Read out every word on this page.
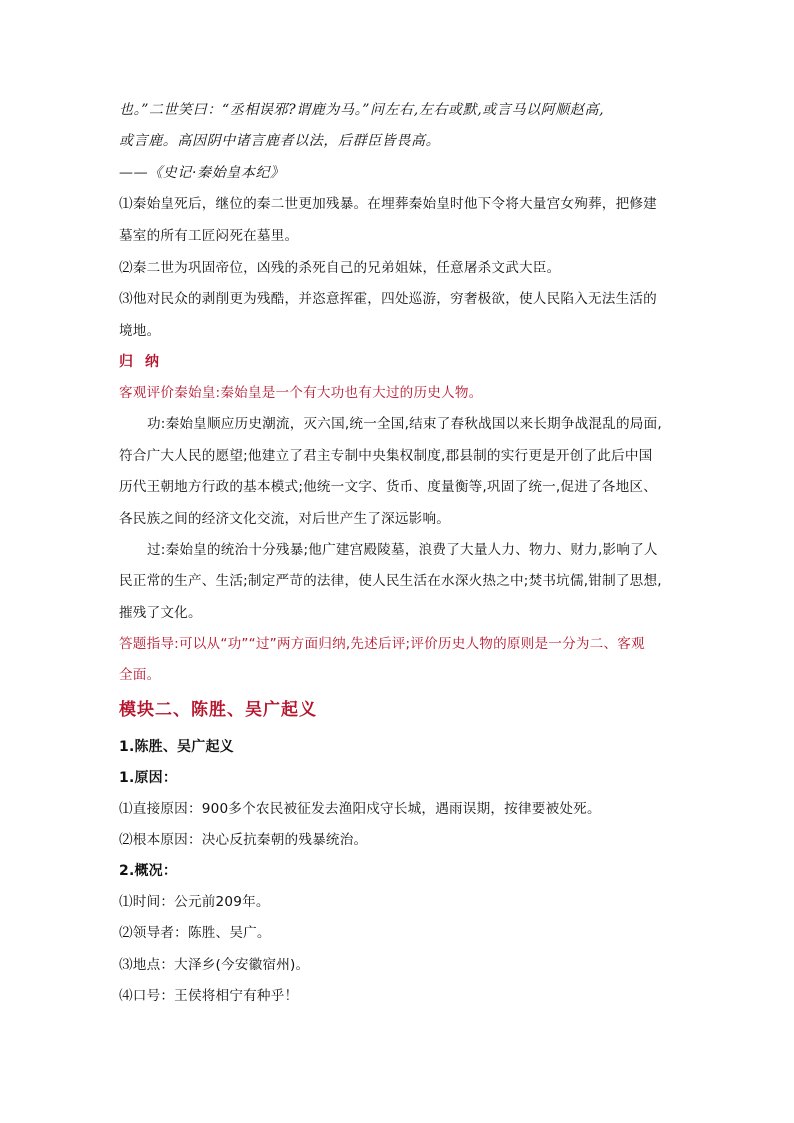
也。”二世笑曰：“丞相误邪?谓鹿为马。”问左右,左右或默,或言马以阿顺赵高,
或言鹿。高因阴中诸言鹿者以法，后群臣皆畏高。
——《史记·秦始皇本纪》
⑴秦始皇死后，继位的秦二世更加残暴。在埋葬秦始皇时他下令将大量宫女殉葬，把修建
墓室的所有工匠闷死在墓里。
⑵秦二世为巩固帝位，凶残的杀死自己的兄弟姐妹，任意屠杀文武大臣。
⑶他对民众的剥削更为残酷，并恣意挥霍，四处巡游，穷奢极欲，使人民陷入无法生活的
境地。
归纳
客观评价秦始皇:秦始皇是一个有大功也有大过的历史人物。
功:秦始皇顺应历史潮流，灭六国,统一全国,结束了春秋战国以来长期争战混乱的局面,
符合广大人民的愿望;他建立了君主专制中央集权制度,郡县制的实行更是开创了此后中国
历代王朝地方行政的基本模式;他统一文字、货币、度量衡等,巩固了统一,促进了各地区、
各民族之间的经济文化交流，对后世产生了深远影响。
过:秦始皇的统治十分残暴;他广建宫殿陵墓，浪费了大量人力、物力、财力,影响了人
民正常的生产、生活;制定严苛的法律，使人民生活在水深火热之中;焚书坑儒,钳制了思想,
摧残了文化。
答题指导:可以从“功”“过”两方面归纳,先述后评;评价历史人物的原则是一分为二、客观
全面。
模块二、陈胜、吴广起义
1.陈胜、吴广起义
1.原因：
⑴直接原因：900多个农民被征发去渔阳戍守长城，遇雨误期，按律要被处死。
⑵根本原因：决心反抗秦朝的残暴统治。
2.概况：
⑴时间：公元前209年。
⑵领导者：陈胜、吴广。
⑶地点：大泽乡(今安徽宿州)。
⑷口号：王侯将相宁有种乎！
